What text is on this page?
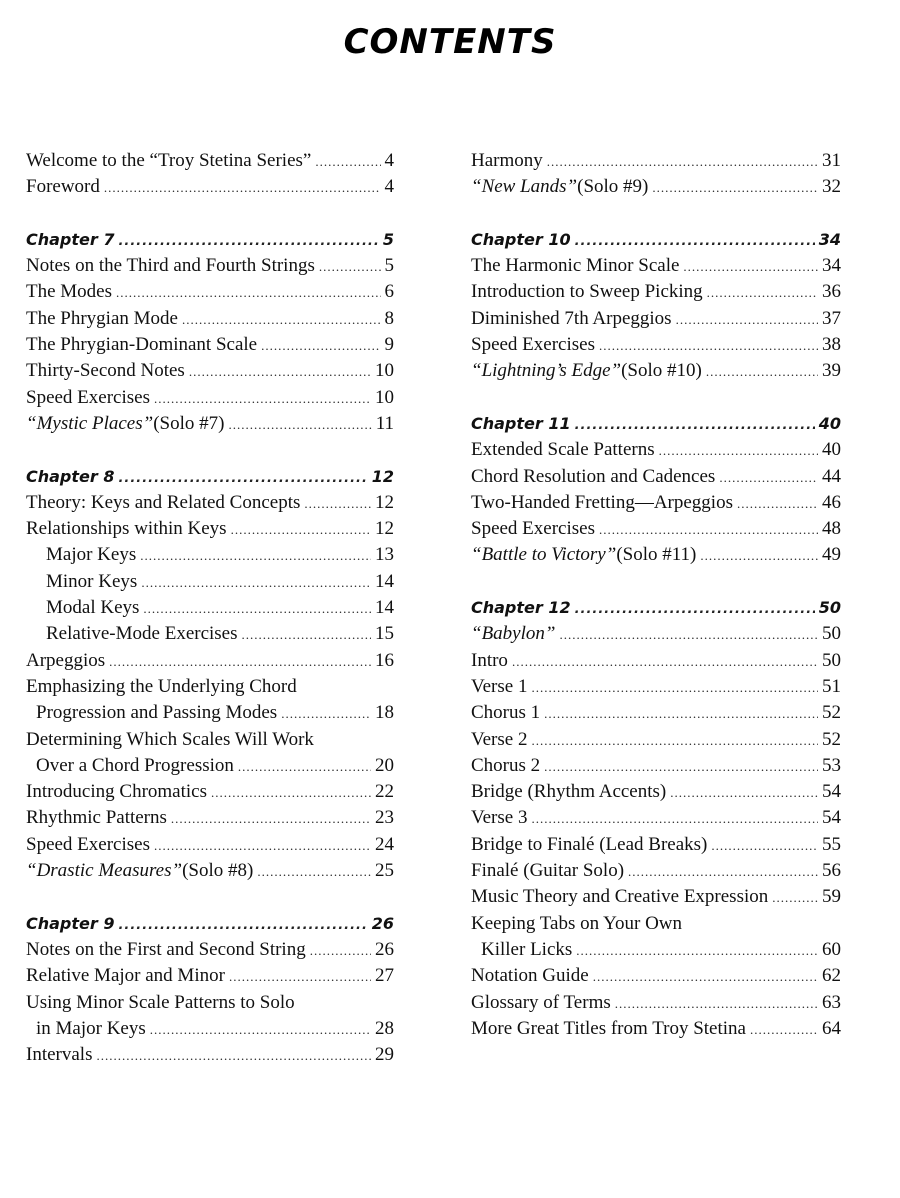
CONTENTS
Welcome to the “Troy Stetina Series” .....	4
Foreword .....	4
Chapter 7 .....	5
Notes on the Third and Fourth Strings .....	5
The Modes .....	6
The Phrygian Mode .....	8
The Phrygian-Dominant Scale .....	9
Thirty-Second Notes .....	10
Speed Exercises .....	10
“Mystic Places” (Solo #7) .....	11
Chapter 8 .....	12
Theory: Keys and Related Concepts .....	12
Relationships within Keys .....	12
Major Keys .....	13
Minor Keys .....	14
Modal Keys .....	14
Relative-Mode Exercises .....	15
Arpeggios .....	16
Emphasizing the Underlying Chord
Progression and Passing Modes .....	18
Determining Which Scales Will Work
Over a Chord Progression .....	20
Introducing Chromatics .....	22
Rhythmic Patterns .....	23
Speed Exercises .....	24
“Drastic Measures” (Solo #8) .....	25
Chapter 9 .....	26
Notes on the First and Second String .....	26
Relative Major and Minor .....	27
Using Minor Scale Patterns to Solo
in Major Keys .....	28
Intervals .....	29
Harmony .....	31
“New Lands” (Solo #9) .....	32
Chapter 10 .....	34
The Harmonic Minor Scale .....	34
Introduction to Sweep Picking .....	36
Diminished 7th Arpeggios .....	37
Speed Exercises .....	38
“Lightning’s Edge” (Solo #10) .....	39
Chapter 11 .....	40
Extended Scale Patterns .....	40
Chord Resolution and Cadences .....	44
Two-Handed Fretting—Arpeggios .....	46
Speed Exercises .....	48
“Battle to Victory” (Solo #11) .....	49
Chapter 12 .....	50
“Babylon” .....	50
Intro .....	50
Verse 1 .....	51
Chorus 1 .....	52
Verse 2 .....	52
Chorus 2 .....	53
Bridge (Rhythm Accents) .....	54
Verse 3 .....	54
Bridge to Finalé (Lead Breaks) .....	55
Finalé (Guitar Solo) .....	56
Music Theory and Creative Expression .....	59
Keeping Tabs on Your Own
Killer Licks .....	60
Notation Guide .....	62
Glossary of Terms .....	63
More Great Titles from Troy Stetina .....	64
